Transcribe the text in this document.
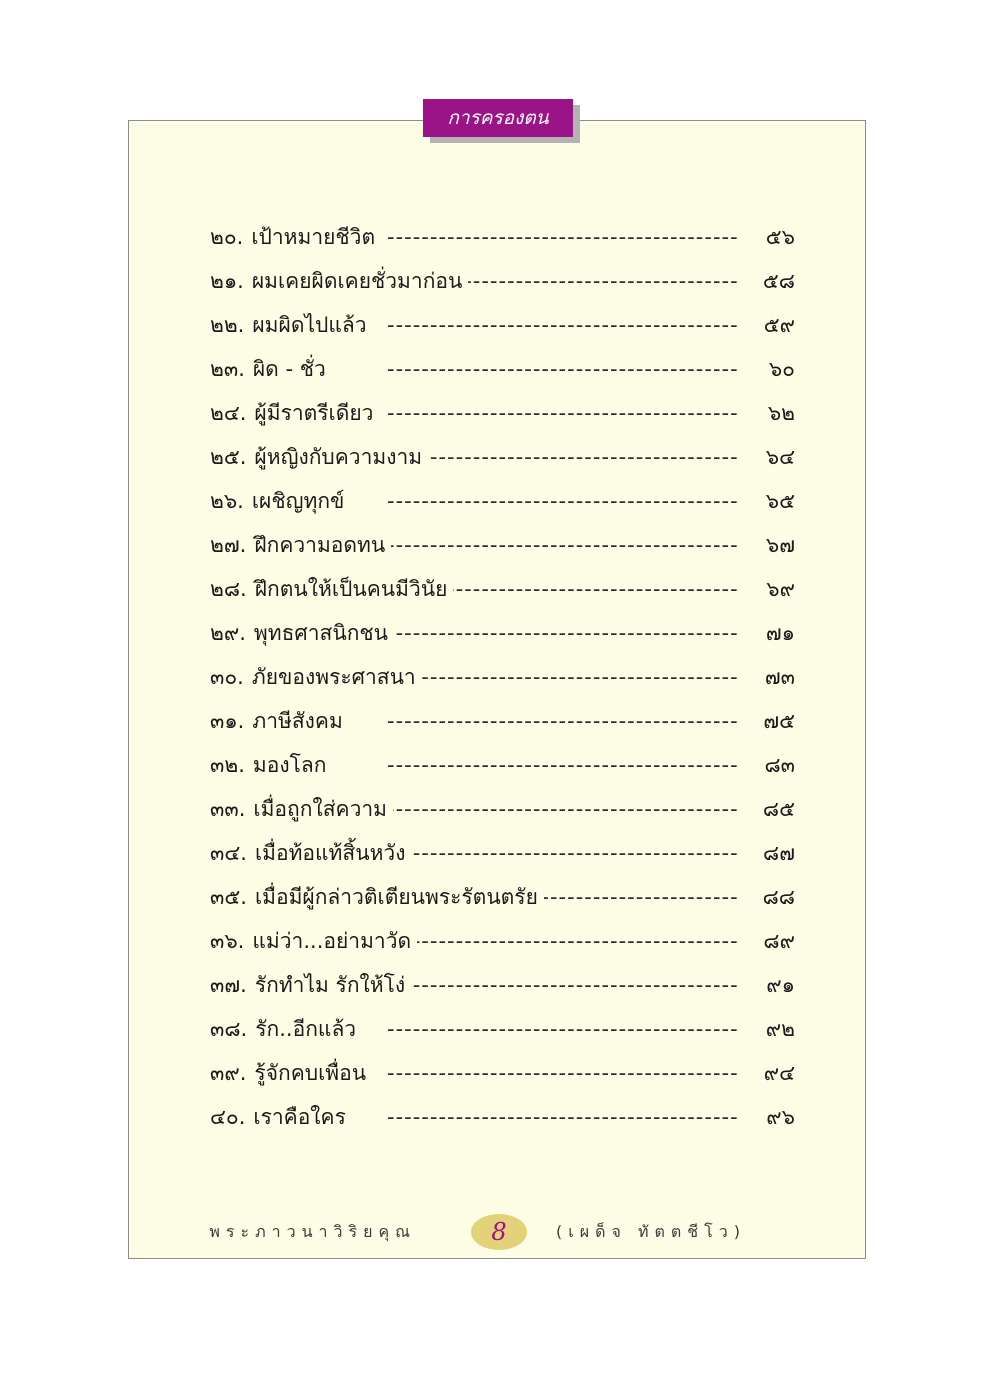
การครองตน
๒๐. เป้าหมายชีวิต -----	๕๖
๒๑. ผมเคยผิดเคยชั่วมาก่อน -----	๕๘
๒๒. ผมผิดไปแล้ว -----	๕๙
๒๓. ผิด - ชั่ว -----	๖๐
๒๔. ผู้มีราตรีเดียว -----	๖๒
๒๕. ผู้หญิงกับความงาม -----	๖๔
๒๖. เผชิญทุกข์ -----	๖๕
๒๗. ฝึกความอดทน -----	๖๗
๒๘. ฝึกตนให้เป็นคนมีวินัย -----	๖๙
๒๙. พุทธศาสนิกชน -----	๗๑
๓๐. ภัยของพระศาสนา -----	๗๓
๓๑. ภาษีสังคม -----	๗๕
๓๒. มองโลก -----	๘๓
๓๓. เมื่อถูกใส่ความ -----	๘๕
๓๔. เมื่อท้อแท้สิ้นหวัง -----	๘๗
๓๕. เมื่อมีผู้กล่าวติเตียนพระรัตนตรัย -----	๘๘
๓๖. แม่ว่า...อย่ามาวัด -----	๘๙
๓๗. รักทำไม รักให้โง่ -----	๙๑
๓๘. รัก..อีกแล้ว -----	๙๒
๓๙. รู้จักคบเพื่อน -----	๙๔
๔๐. เราคือใคร -----	๙๖
พระภาวนาวิริยคุณ	8	(เผด็จ ทัตตชีโว)
